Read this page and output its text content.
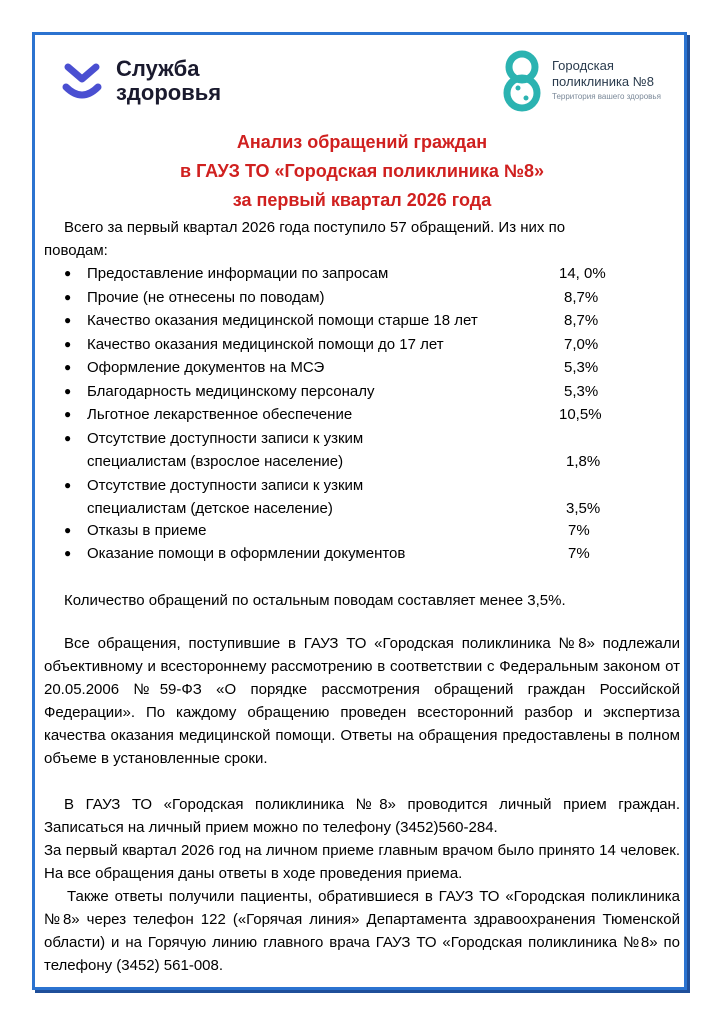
Служба
здоровья
Городская
поликлиника №8
Территория вашего здоровья
Анализ обращений граждан
в ГАУЗ ТО «Городская поликлиника №8»
за первый квартал 2026 года
Всего за первый квартал 2026 года поступило 57 обращений. Из них по
поводам:
● Предоставление информации по запросам	14, 0%
● Прочие (не отнесены по поводам)	8,7%
● Качество оказания медицинской помощи старше 18 лет	8,7%
● Качество оказания медицинской помощи до 17 лет	7,0%
● Оформление документов на МСЭ	5,3%
● Благодарность медицинскому персоналу	5,3%
● Льготное лекарственное обеспечение	10,5%
● Отсутствие доступности записи к узким
специалистам (взрослое население)	1,8%
● Отсутствие доступности записи к узким
специалистам (детское население)	3,5%
● Отказы в приеме	7%
● Оказание помощи в оформлении документов	7%
Количество обращений по остальным поводам составляет менее 3,5%.
Все обращения, поступившие в ГАУЗ ТО «Городская поликлиника №8» подлежали объективному и всестороннему рассмотрению в соответствии с Федеральным законом от 20.05.2006 №59-ФЗ «О порядке рассмотрения обращений граждан Российской Федерации». По каждому обращению проведен всесторонний разбор и экспертиза качества оказания медицинской помощи. Ответы на обращения предоставлены в полном объеме в установленные сроки.
В ГАУЗ ТО «Городская поликлиника №8» проводится личный прием граждан. Записаться на личный прием можно по телефону (3452)560-284.
За первый квартал 2026 год на личном приеме главным врачом было принято 14 человек. На все обращения даны ответы в ходе проведения приема.
Также ответы получили пациенты, обратившиеся в ГАУЗ ТО «Городская поликлиника №8» через телефон 122 («Горячая линия» Департамента здравоохранения Тюменской области) и на Горячую линию главного врача ГАУЗ ТО «Городская поликлиника №8» по телефону (3452) 561-008.
